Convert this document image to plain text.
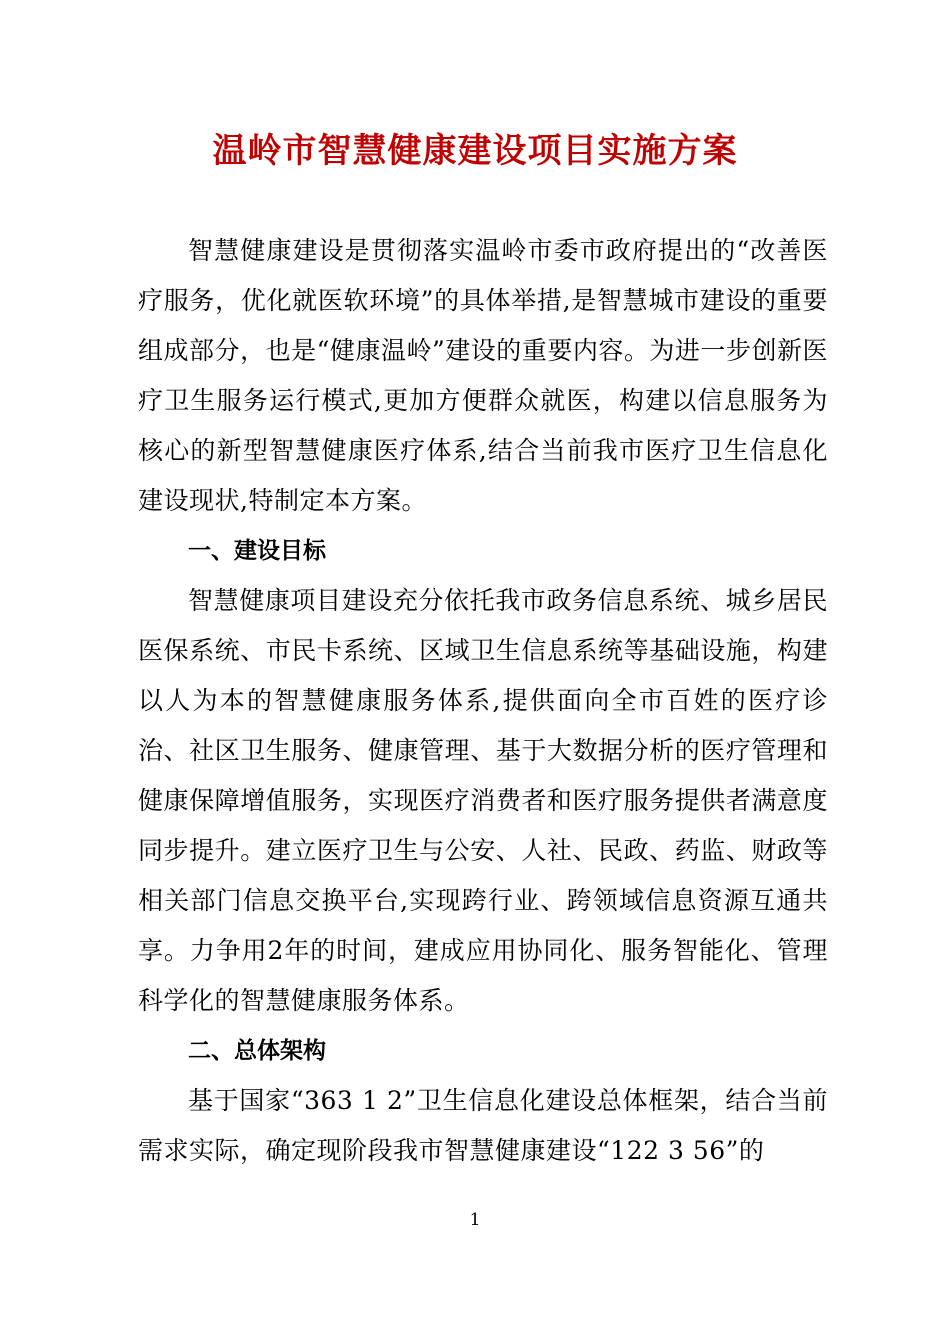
温岭市智慧健康建设项目实施方案

智慧健康建设是贯彻落实温岭市委市政府提出的“改善医疗服务，优化就医软环境”的具体举措,是智慧城市建设的重要组成部分，也是“健康温岭”建设的重要内容。为进一步创新医疗卫生服务运行模式,更加方便群众就医，构建以信息服务为核心的新型智慧健康医疗体系,结合当前我市医疗卫生信息化建设现状,特制定本方案。

一、建设目标

智慧健康项目建设充分依托我市政务信息系统、城乡居民医保系统、市民卡系统、区域卫生信息系统等基础设施，构建以人为本的智慧健康服务体系,提供面向全市百姓的医疗诊治、社区卫生服务、健康管理、基于大数据分析的医疗管理和健康保障增值服务，实现医疗消费者和医疗服务提供者满意度同步提升。建立医疗卫生与公安、人社、民政、药监、财政等相关部门信息交换平台,实现跨行业、跨领域信息资源互通共享。力争用2年的时间，建成应用协同化、服务智能化、管理科学化的智慧健康服务体系。

二、总体架构

基于国家“363 1 2”卫生信息化建设总体框架，结合当前需求实际，确定现阶段我市智慧健康建设“122 3 56”的

1
